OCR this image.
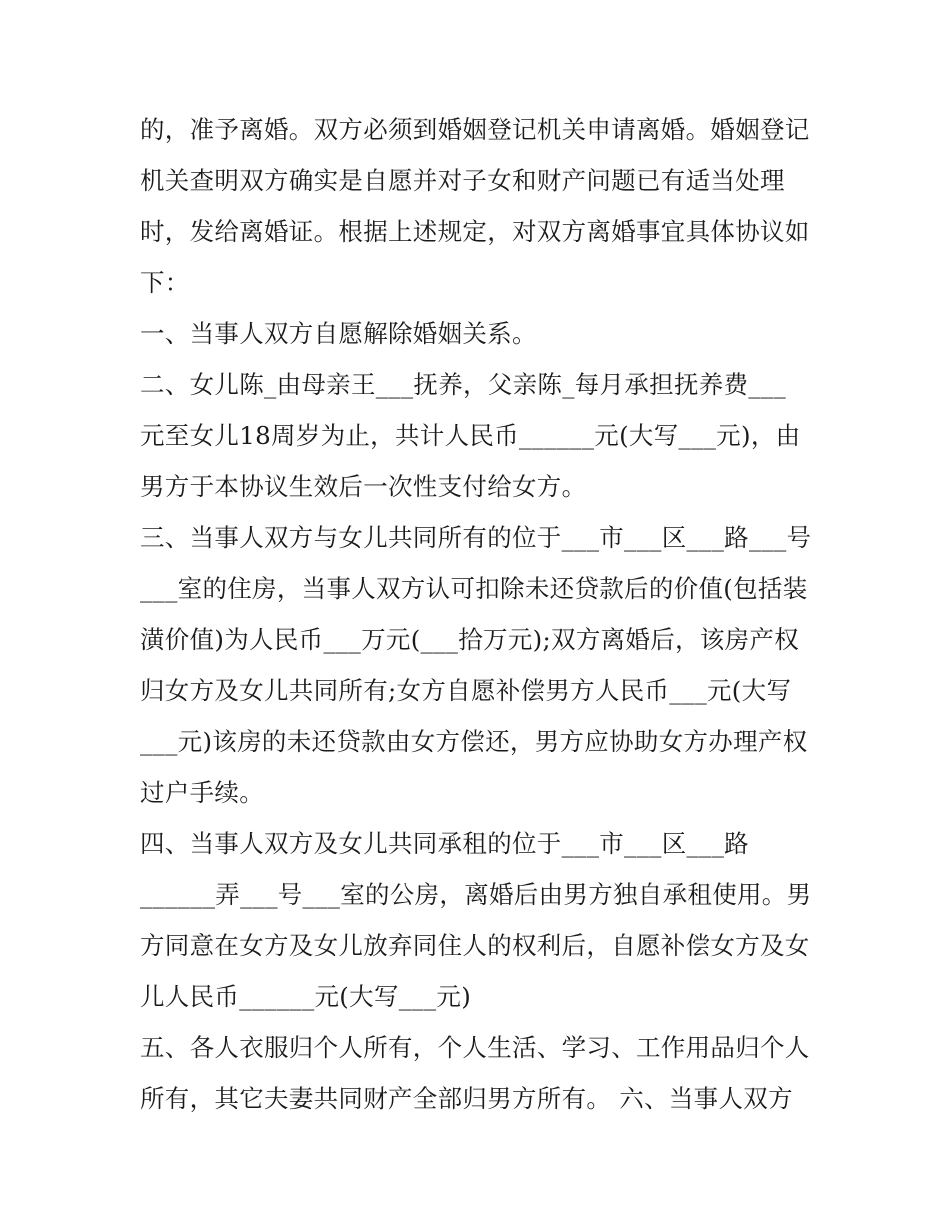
的，准予离婚。双方必须到婚姻登记机关申请离婚。婚姻登记
机关查明双方确实是自愿并对子女和财产问题已有适当处理
时，发给离婚证。根据上述规定，对双方离婚事宜具体协议如
下：
一、当事人双方自愿解除婚姻关系。
二、女儿陈_由母亲王___抚养，父亲陈_每月承担抚养费___
元至女儿18周岁为止，共计人民币______元(大写___元)，由
男方于本协议生效后一次性支付给女方。
三、当事人双方与女儿共同所有的位于___市___区___路___号
___室的住房，当事人双方认可扣除未还贷款后的价值(包括装
潢价值)为人民币___万元(___拾万元);双方离婚后，该房产权
归女方及女儿共同所有;女方自愿补偿男方人民币___元(大写
___元)该房的未还贷款由女方偿还，男方应协助女方办理产权
过户手续。
四、当事人双方及女儿共同承租的位于___市___区___路
______弄___号___室的公房，离婚后由男方独自承租使用。男
方同意在女方及女儿放弃同住人的权利后，自愿补偿女方及女
儿人民币______元(大写___元)
五、各人衣服归个人所有，个人生活、学习、工作用品归个人
所有，其它夫妻共同财产全部归男方所有。 六、当事人双方
